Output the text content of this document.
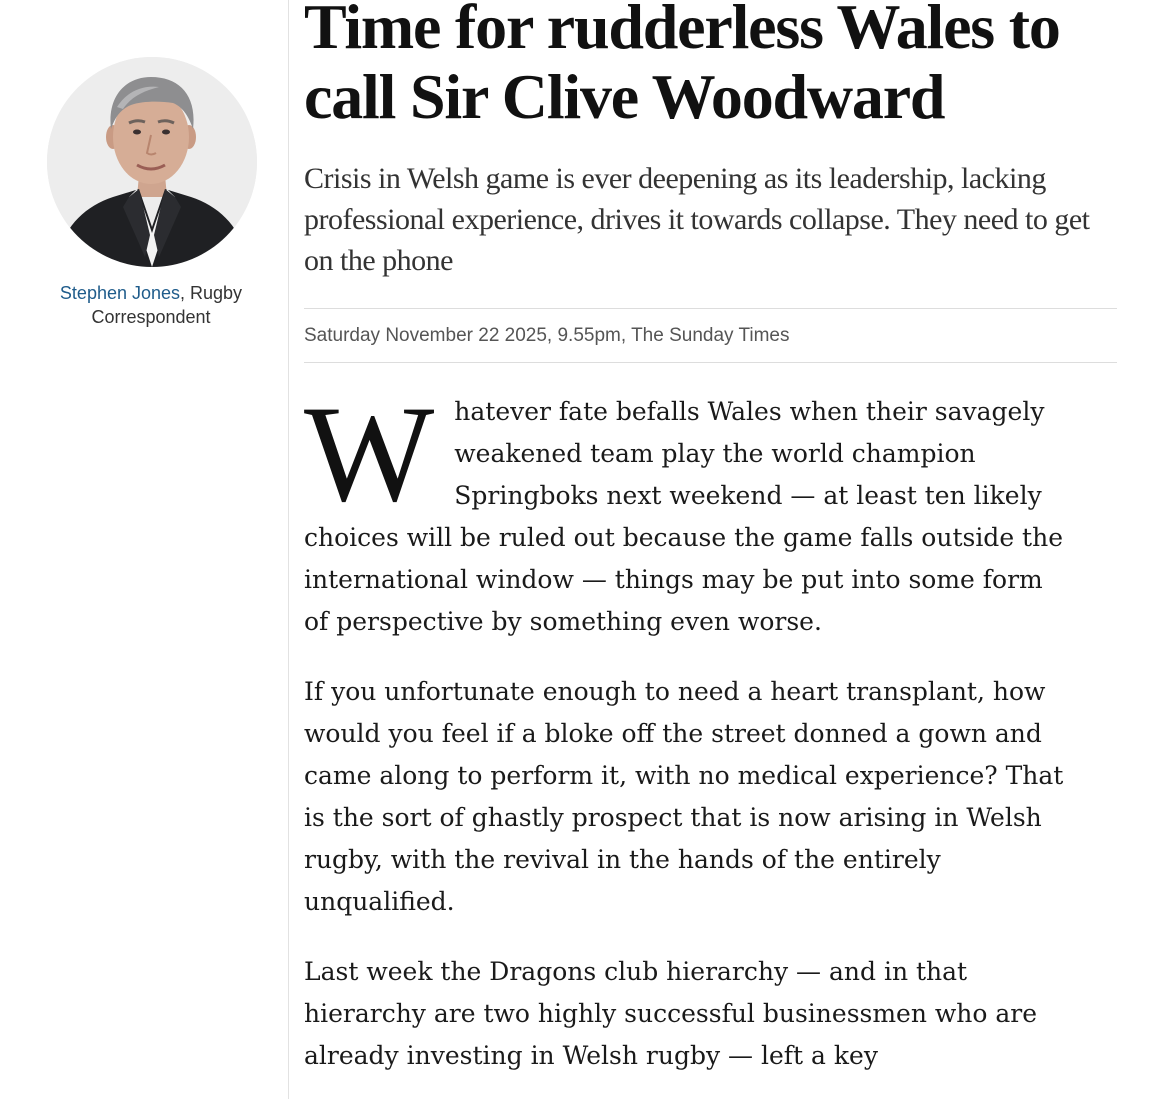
Stephen Jones, Rugby Correspondent
Time for rudderless Wales to call Sir Clive Woodward

Crisis in Welsh game is ever deepening as its leadership, lacking professional experience, drives it towards collapse. They need to get on the phone

Saturday November 22 2025, 9.55pm, The Sunday Times

Whatever fate befalls Wales when their savagely weakened team play the world champion Springboks next weekend — at least ten likely choices will be ruled out because the game falls outside the international window — things may be put into some form of perspective by something even worse.

If you unfortunate enough to need a heart transplant, how would you feel if a bloke off the street donned a gown and came along to perform it, with no medical experience? That is the sort of ghastly prospect that is now arising in Welsh rugby, with the revival in the hands of the entirely unqualified.

Last week the Dragons club hierarchy — and in that hierarchy are two highly successful businessmen who are already investing in Welsh rugby — left a key
